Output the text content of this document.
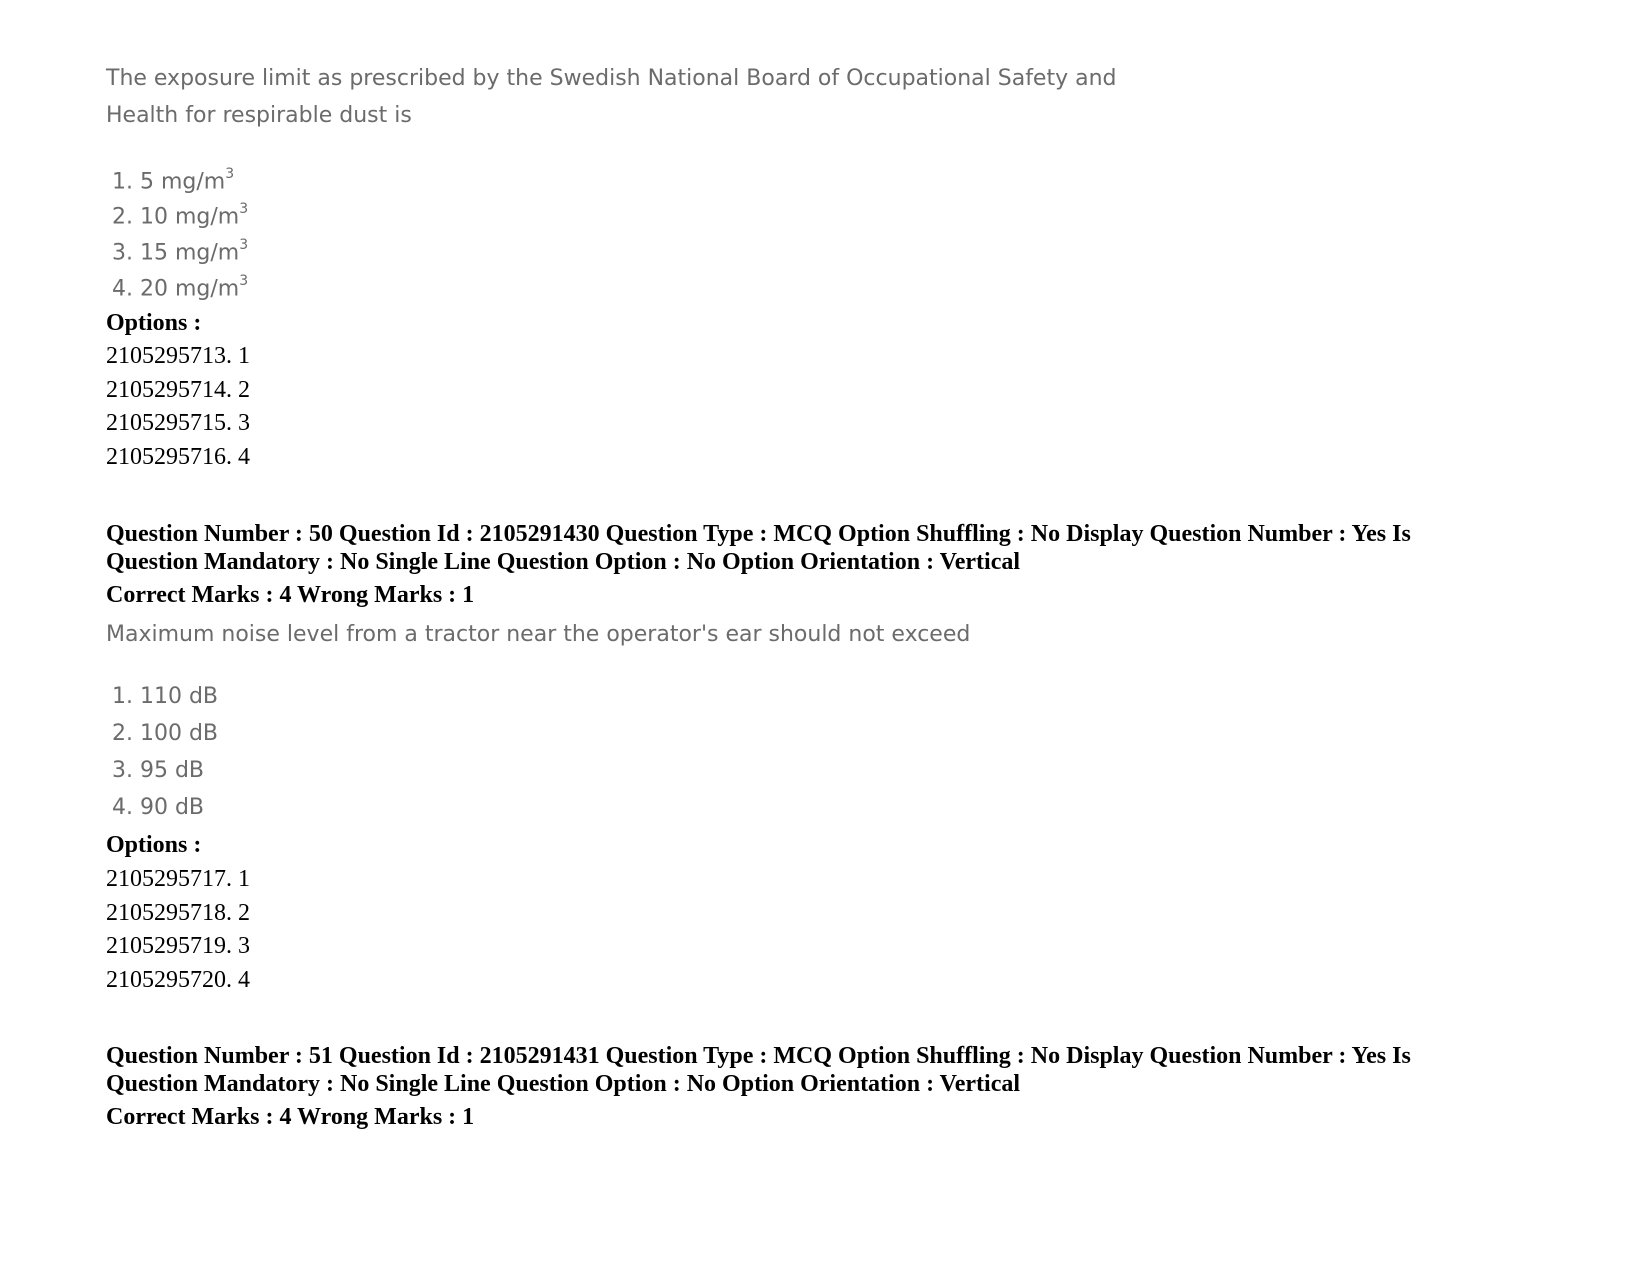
The exposure limit as prescribed by the Swedish National Board of Occupational Safety and
Health for respirable dust is
1. 5 $mg/m^3$
2. 10 $mg/m^3$
3. 15 $mg/m^3$
4. 20 $mg/m^3$
Options :
2105295713. 1
2105295714. 2
2105295715. 3
2105295716. 4
Question Number : 50 Question Id : 2105291430 Question Type : MCQ Option Shuffling : No Display Question Number : Yes Is
Question Mandatory : No Single Line Question Option : No Option Orientation : Vertical
Correct Marks : 4 Wrong Marks : 1
Maximum noise level from a tractor near the operator's ear should not exceed
1. 110 dB
2. 100 dB
3. 95 dB
4. 90 dB
Options :
2105295717. 1
2105295718. 2
2105295719. 3
2105295720. 4
Question Number : 51 Question Id : 2105291431 Question Type : MCQ Option Shuffling : No Display Question Number : Yes Is
Question Mandatory : No Single Line Question Option : No Option Orientation : Vertical
Correct Marks : 4 Wrong Marks : 1
